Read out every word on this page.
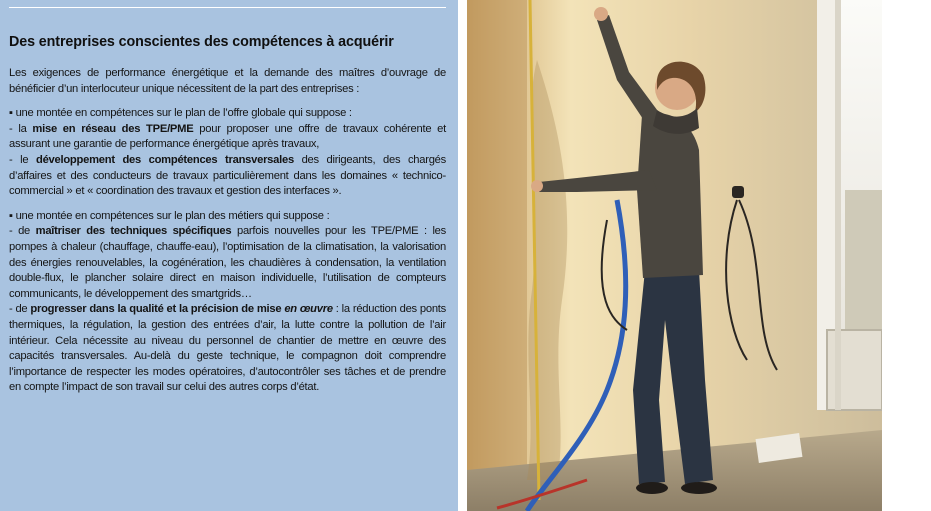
Des entreprises conscientes des compétences à acquérir

Les exigences de performance énergétique et la demande des maîtres d’ouvrage de bénéficier d’un interlocuteur unique nécessitent de la part des entreprises :

▪ une montée en compétences sur le plan de l’offre globale qui suppose :
- la mise en réseau des TPE/PME pour proposer une offre de travaux cohérente et assurant une garantie de performance énergétique après travaux,
- le développement des compétences transversales des dirigeants, des chargés d’affaires et des conducteurs de travaux particulièrement dans les domaines « technico-commercial » et « coordination des travaux et gestion des interfaces ».

▪ une montée en compétences sur le plan des métiers qui suppose :
- de maîtriser des techniques spécifiques parfois nouvelles pour les TPE/PME : les pompes à chaleur (chauffage, chauffe-eau), l’optimisation de la climatisation, la valorisation des énergies renouvelables, la cogénération, les chaudières à condensation, la ventilation double-flux, le plancher solaire direct en maison individuelle, l’utilisation de compteurs communicants, le développement des smartgrids…
- de progresser dans la qualité et la précision de mise en œuvre : la réduction des ponts thermiques, la régulation, la gestion des entrées d’air, la lutte contre la pollution de l’air intérieur. Cela nécessite au niveau du personnel de chantier de mettre en œuvre des capacités transversales. Au-delà du geste technique, le compagnon doit comprendre l’importance de respecter les modes opératoires, d’autocontrôler ses tâches et de prendre en compte l’impact de son travail sur celui des autres corps d’état.
